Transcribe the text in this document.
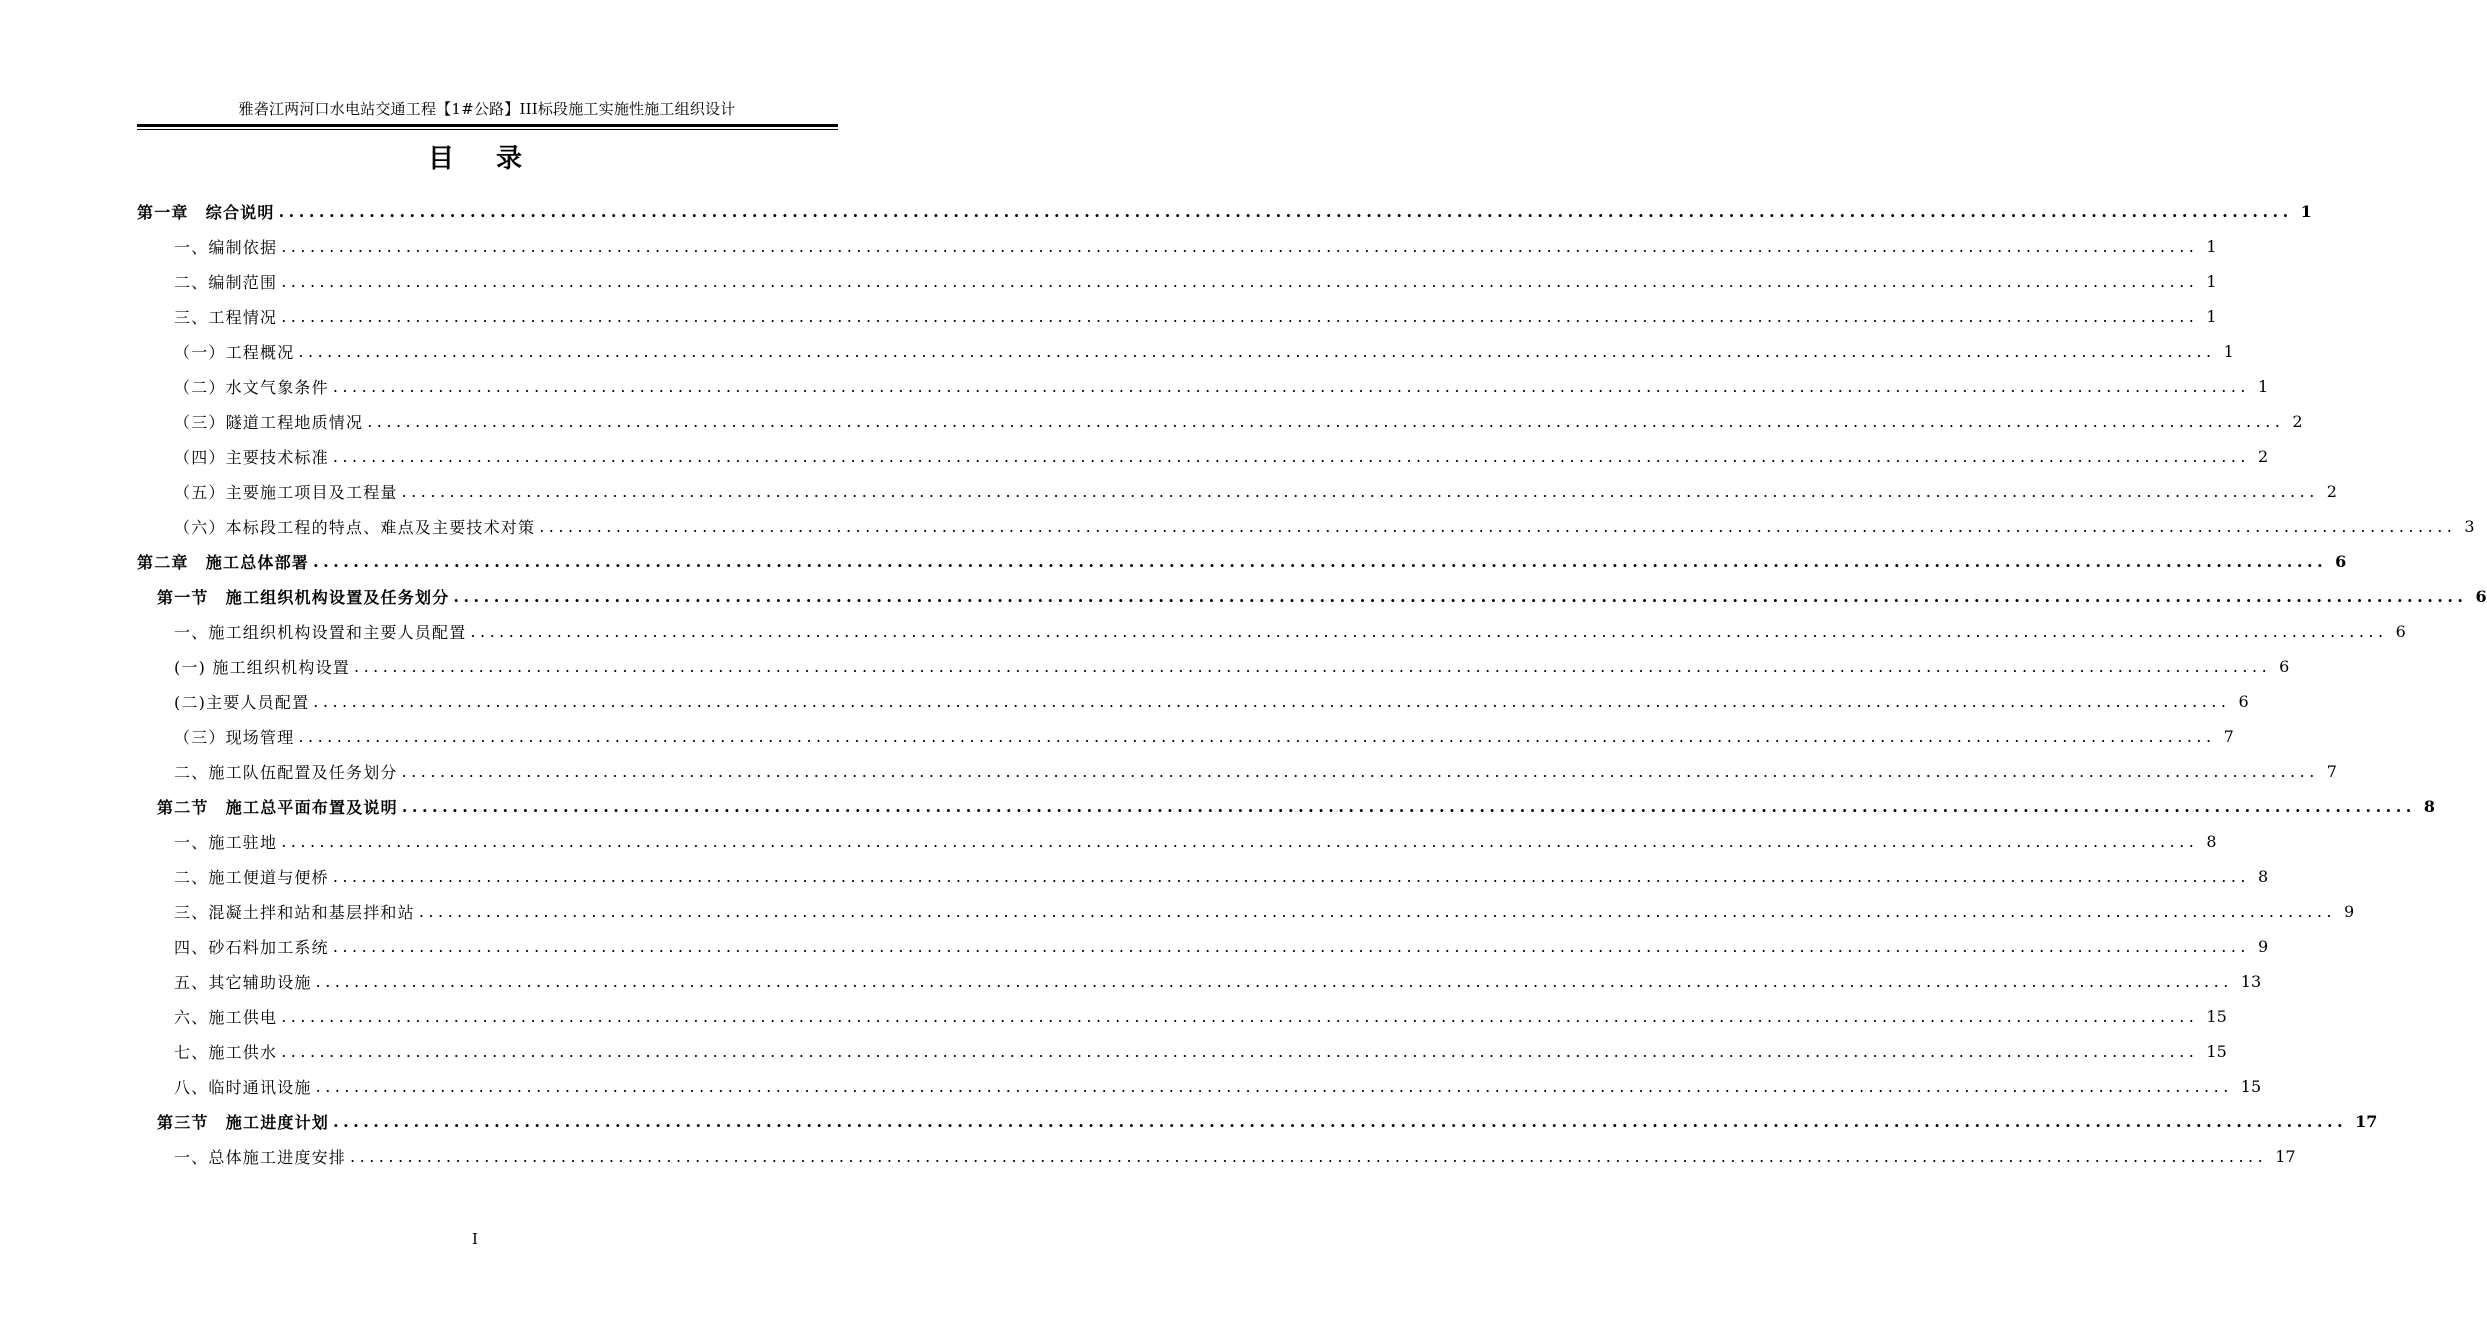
雅砻江两河口水电站交通工程【1#公路】III标段施工实施性施工组织设计
目录
第一章　综合说明 ........................................................................................................................................................................................................ 1
一、编制依据 ........................................................................................................................................................................................................ 1
二、编制范围 ........................................................................................................................................................................................................ 1
三、工程情况 ........................................................................................................................................................................................................ 1
（一）工程概况 ........................................................................................................................................................................................................ 1
（二）水文气象条件 ........................................................................................................................................................................................................ 1
（三）隧道工程地质情况 ........................................................................................................................................................................................................ 2
（四）主要技术标准 ........................................................................................................................................................................................................ 2
（五）主要施工项目及工程量 ........................................................................................................................................................................................................ 2
（六）本标段工程的特点、难点及主要技术对策 ........................................................................................................................................................................................................ 3
第二章　施工总体部署 ........................................................................................................................................................................................................ 6
第一节　施工组织机构设置及任务划分 ........................................................................................................................................................................................................ 6
一、施工组织机构设置和主要人员配置 ........................................................................................................................................................................................................ 6
(一) 施工组织机构设置 ........................................................................................................................................................................................................ 6
(二)主要人员配置 ........................................................................................................................................................................................................ 6
（三）现场管理 ........................................................................................................................................................................................................ 7
二、施工队伍配置及任务划分 ........................................................................................................................................................................................................ 7
第二节　施工总平面布置及说明 ........................................................................................................................................................................................................ 8
一、施工驻地 ........................................................................................................................................................................................................ 8
二、施工便道与便桥 ........................................................................................................................................................................................................ 8
三、混凝土拌和站和基层拌和站 ........................................................................................................................................................................................................ 9
四、砂石料加工系统 ........................................................................................................................................................................................................ 9
五、其它辅助设施 ........................................................................................................................................................................................................ 13
六、施工供电 ........................................................................................................................................................................................................ 15
七、施工供水 ........................................................................................................................................................................................................ 15
八、临时通讯设施 ........................................................................................................................................................................................................ 15
第三节　施工进度计划 ........................................................................................................................................................................................................ 17
一、总体施工进度安排 ........................................................................................................................................................................................................ 17
I
